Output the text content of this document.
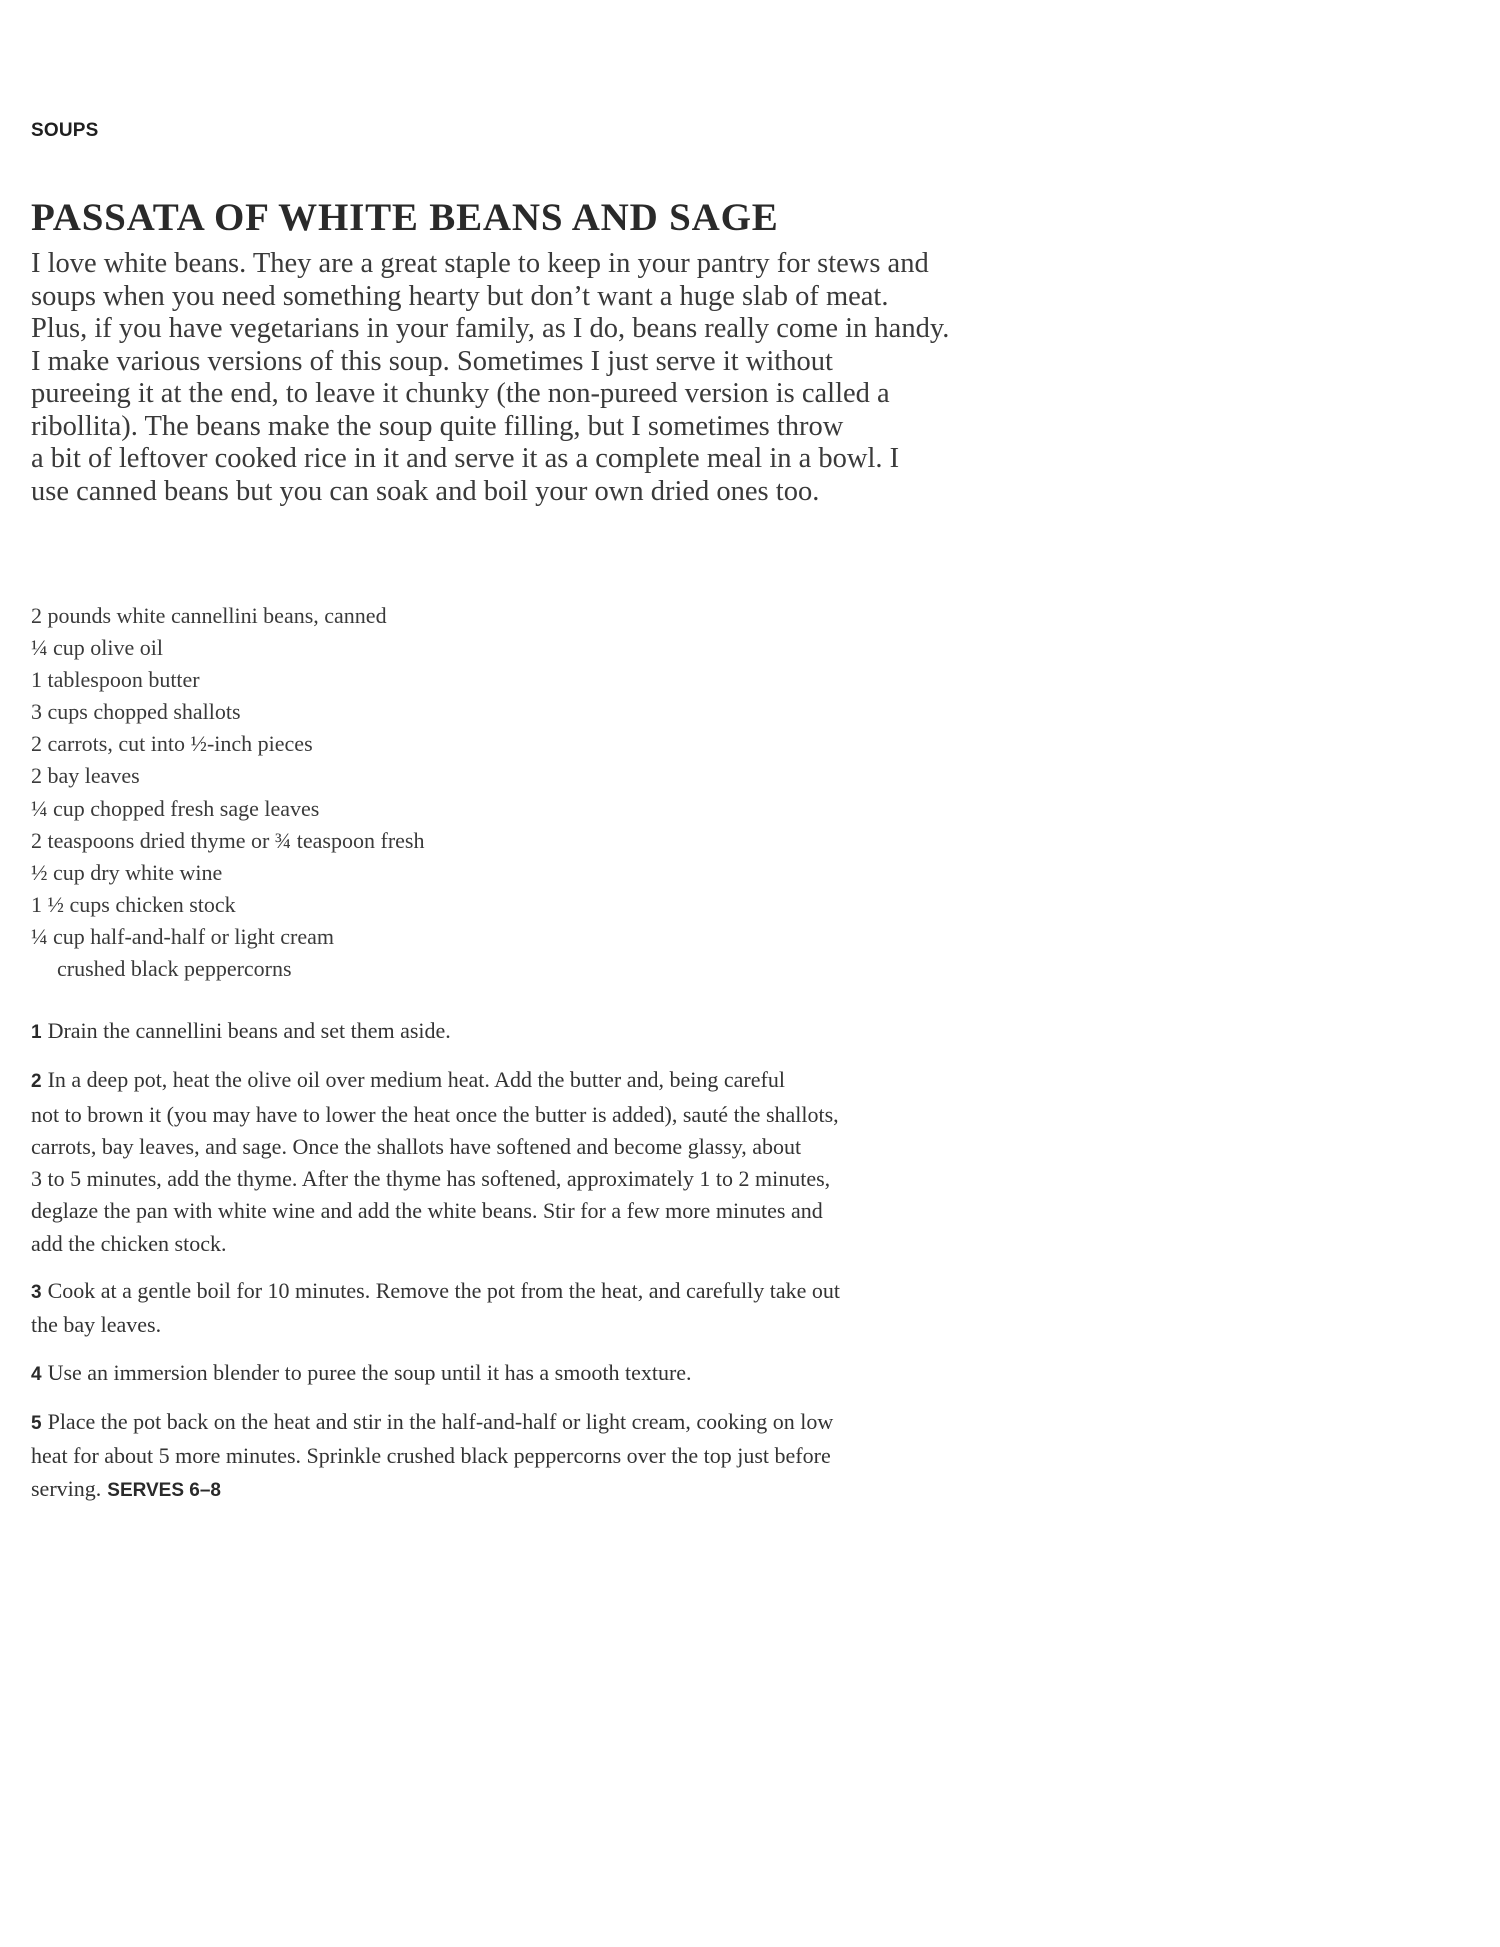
SOUPS

PASSATA OF WHITE BEANS AND SAGE

I love white beans. They are a great staple to keep in your pantry for stews and
soups when you need something hearty but don’t want a huge slab of meat.
Plus, if you have vegetarians in your family, as I do, beans really come in handy.
I make various versions of this soup. Sometimes I just serve it without
pureeing it at the end, to leave it chunky (the non-pureed version is called a
ribollita). The beans make the soup quite filling, but I sometimes throw
a bit of leftover cooked rice in it and serve it as a complete meal in a bowl. I
use canned beans but you can soak and boil your own dried ones too.

2 pounds white cannellini beans, canned
¼ cup olive oil
1 tablespoon butter
3 cups chopped shallots
2 carrots, cut into ½-inch pieces
2 bay leaves
¼ cup chopped fresh sage leaves
2 teaspoons dried thyme or ¾ teaspoon fresh
½ cup dry white wine
1 ½ cups chicken stock
¼ cup half-and-half or light cream
crushed black peppercorns
1 Drain the cannellini beans and set them aside.
2 In a deep pot, heat the olive oil over medium heat. Add the butter and, being careful
not to brown it (you may have to lower the heat once the butter is added), sauté the shallots,
carrots, bay leaves, and sage. Once the shallots have softened and become glassy, about
3 to 5 minutes, add the thyme. After the thyme has softened, approximately 1 to 2 minutes,
deglaze the pan with white wine and add the white beans. Stir for a few more minutes and
add the chicken stock.
3 Cook at a gentle boil for 10 minutes. Remove the pot from the heat, and carefully take out
the bay leaves.
4 Use an immersion blender to puree the soup until it has a smooth texture.
5 Place the pot back on the heat and stir in the half-and-half or light cream, cooking on low
heat for about 5 more minutes. Sprinkle crushed black peppercorns over the top just before
serving. SERVES 6–8
